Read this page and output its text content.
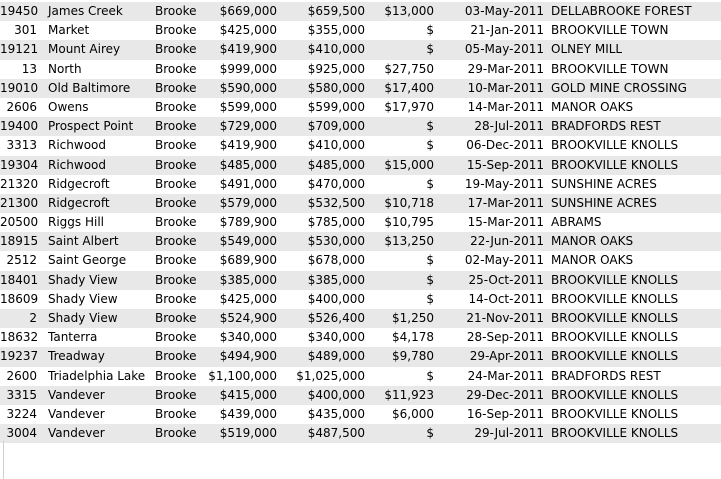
19450 James Creek	Brooke	$669,000	$659,500	$13,000	03-May-2011 DELLABROOKE FOREST
301 Market	Brooke	$425,000	$355,000	$	21-Jan-2011 BROOKVILLE TOWN
19121 Mount Airey	Brooke	$419,900	$410,000	$	05-May-2011 OLNEY MILL
13 North	Brooke	$999,000	$925,000	$27,750	29-Mar-2011 BROOKVILLE TOWN
19010 Old Baltimore	Brooke	$590,000	$580,000	$17,400	10-Mar-2011 GOLD MINE CROSSING
2606 Owens	Brooke	$599,000	$599,000	$17,970	14-Mar-2011 MANOR OAKS
19400 Prospect Point	Brooke	$729,000	$709,000	$	28-Jul-2011 BRADFORDS REST
3313 Richwood	Brooke	$419,900	$410,000	$	06-Dec-2011 BROOKVILLE KNOLLS
19304 Richwood	Brooke	$485,000	$485,000	$15,000	15-Sep-2011 BROOKVILLE KNOLLS
21320 Ridgecroft	Brooke	$491,000	$470,000	$	19-May-2011 SUNSHINE ACRES
21300 Ridgecroft	Brooke	$579,000	$532,500	$10,718	17-Mar-2011 SUNSHINE ACRES
20500 Riggs Hill	Brooke	$789,900	$785,000	$10,795	15-Mar-2011 ABRAMS
18915 Saint Albert	Brooke	$549,000	$530,000	$13,250	22-Jun-2011 MANOR OAKS
2512 Saint George	Brooke	$689,900	$678,000	$	02-May-2011 MANOR OAKS
18401 Shady View	Brooke	$385,000	$385,000	$	25-Oct-2011 BROOKVILLE KNOLLS
18609 Shady View	Brooke	$425,000	$400,000	$	14-Oct-2011 BROOKVILLE KNOLLS
2 Shady View	Brooke	$524,900	$526,400	$1,250	21-Nov-2011 BROOKVILLE KNOLLS
18632 Tanterra	Brooke	$340,000	$340,000	$4,178	28-Sep-2011 BROOKVILLE KNOLLS
19237 Treadway	Brooke	$494,900	$489,000	$9,780	29-Apr-2011 BROOKVILLE KNOLLS
2600 Triadelphia Lake Brooke $1,100,000	$1,025,000	$	24-Mar-2011 BRADFORDS REST
3315 Vandever	Brooke	$415,000	$400,000	$11,923	29-Dec-2011 BROOKVILLE KNOLLS
3224 Vandever	Brooke	$439,000	$435,000	$6,000	16-Sep-2011 BROOKVILLE KNOLLS
3004 Vandever	Brooke	$519,000	$487,500	$	29-Jul-2011 BROOKVILLE KNOLLS
